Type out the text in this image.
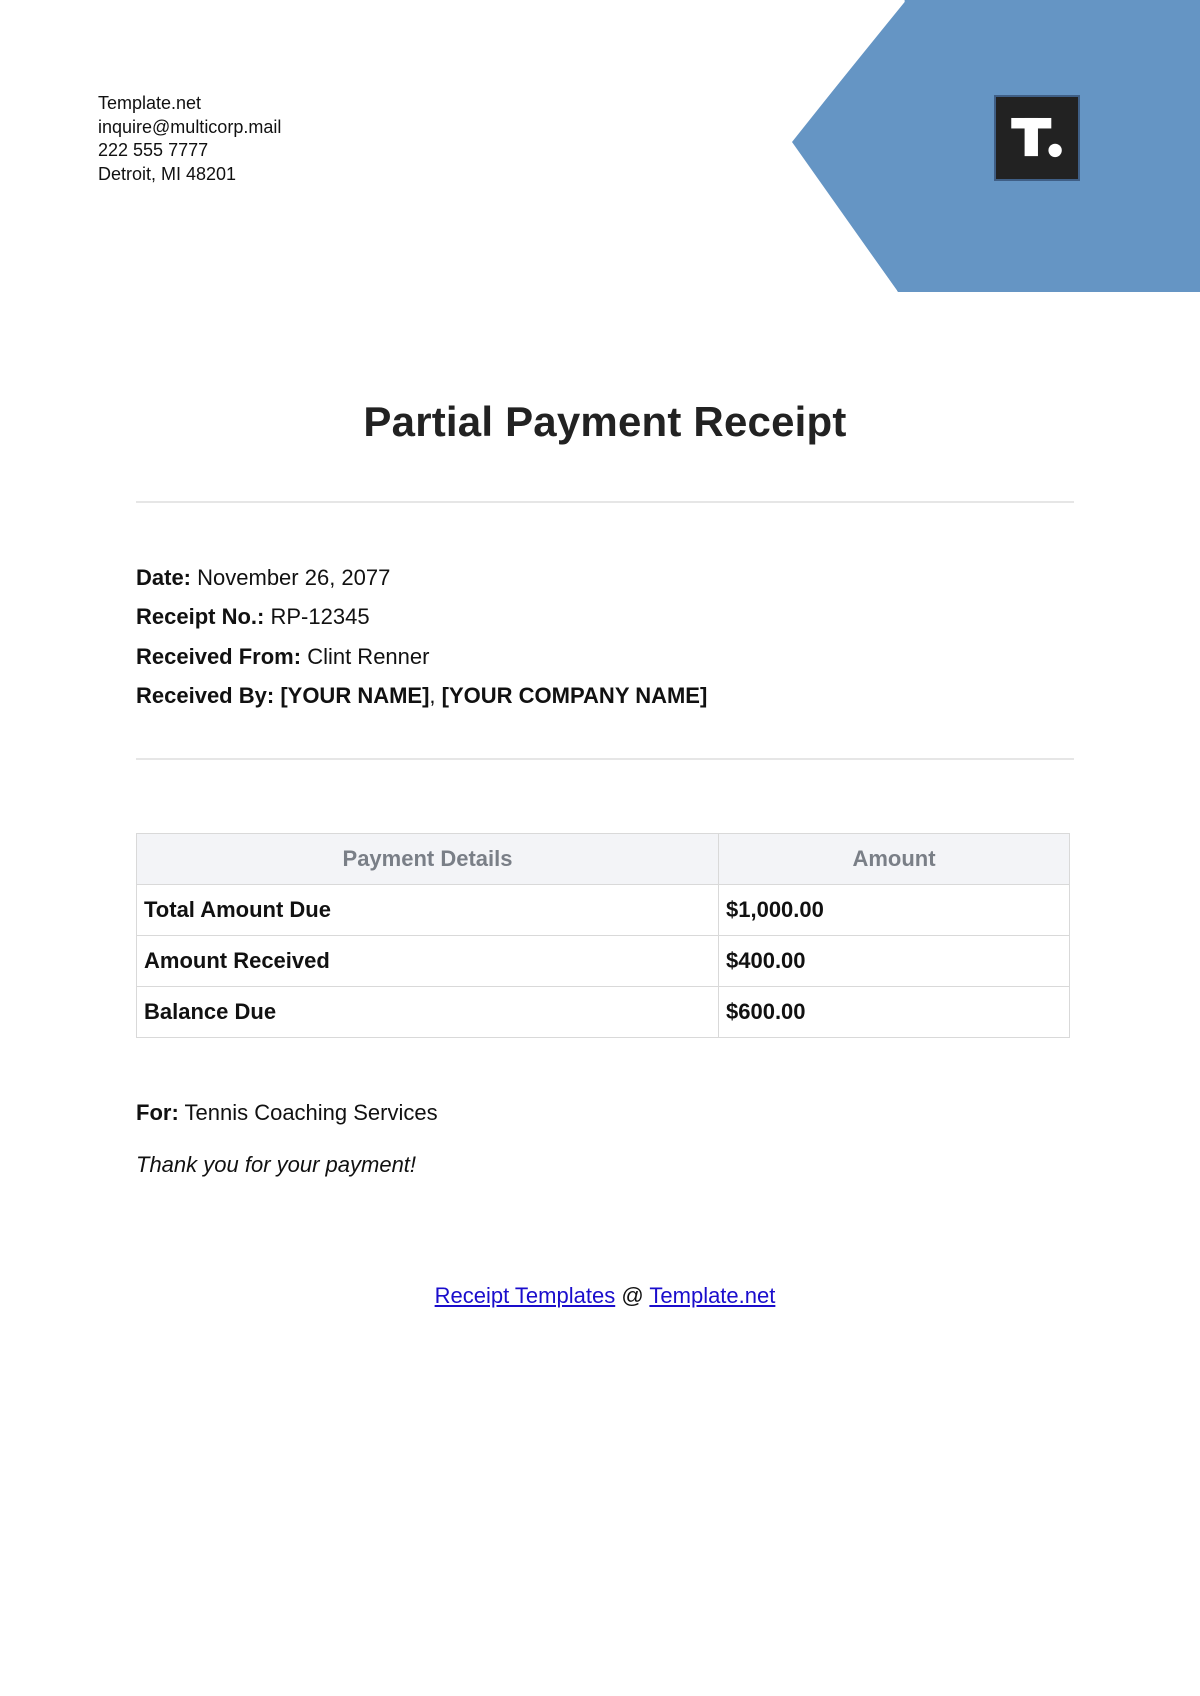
Template.net
inquire@multicorp.mail
222 555 7777
Detroit, MI 48201
Partial Payment Receipt
Date: November 26, 2077
Receipt No.: RP-12345
Received From: Clint Renner
Received By: [YOUR NAME], [YOUR COMPANY NAME]
Payment Details	Amount
Total Amount Due	$1,000.00
Amount Received	$400.00
Balance Due	$600.00
For: Tennis Coaching Services
Thank you for your payment!
Receipt Templates @ Template.net
